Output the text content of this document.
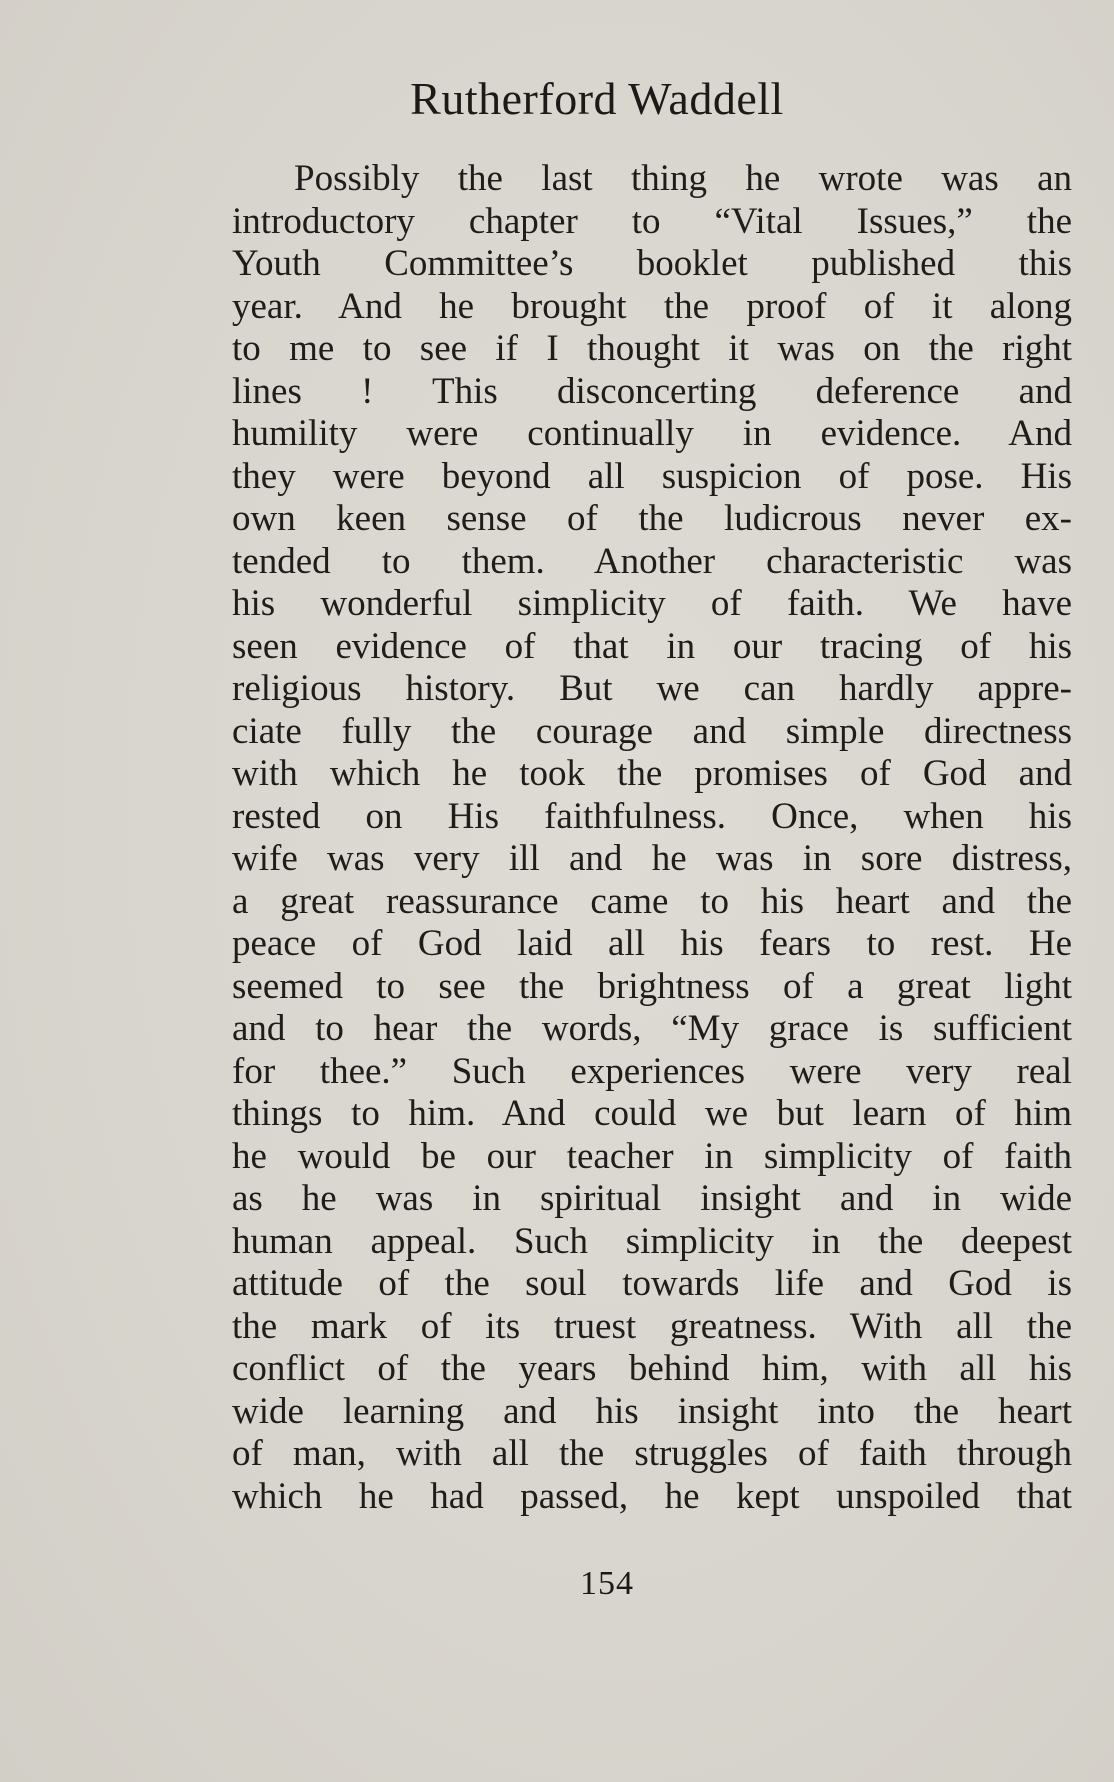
Rutherford Waddell
Possibly the last thing he wrote was an
introductory chapter to “Vital Issues,” the
Youth Committee’s booklet published this
year. And he brought the proof of it along
to me to see if I thought it was on the right
lines ! This disconcerting deference and
humility were continually in evidence. And
they were beyond all suspicion of pose. His
own keen sense of the ludicrous never ex-
tended to them. Another characteristic was
his wonderful simplicity of faith. We have
seen evidence of that in our tracing of his
religious history. But we can hardly appre-
ciate fully the courage and simple directness
with which he took the promises of God and
rested on His faithfulness. Once, when his
wife was very ill and he was in sore distress,
a great reassurance came to his heart and the
peace of God laid all his fears to rest. He
seemed to see the brightness of a great light
and to hear the words, “My grace is sufficient
for thee.” Such experiences were very real
things to him. And could we but learn of him
he would be our teacher in simplicity of faith
as he was in spiritual insight and in wide
human appeal. Such simplicity in the deepest
attitude of the soul towards life and God is
the mark of its truest greatness. With all the
conflict of the years behind him, with all his
wide learning and his insight into the heart
of man, with all the struggles of faith through
which he had passed, he kept unspoiled that
154
